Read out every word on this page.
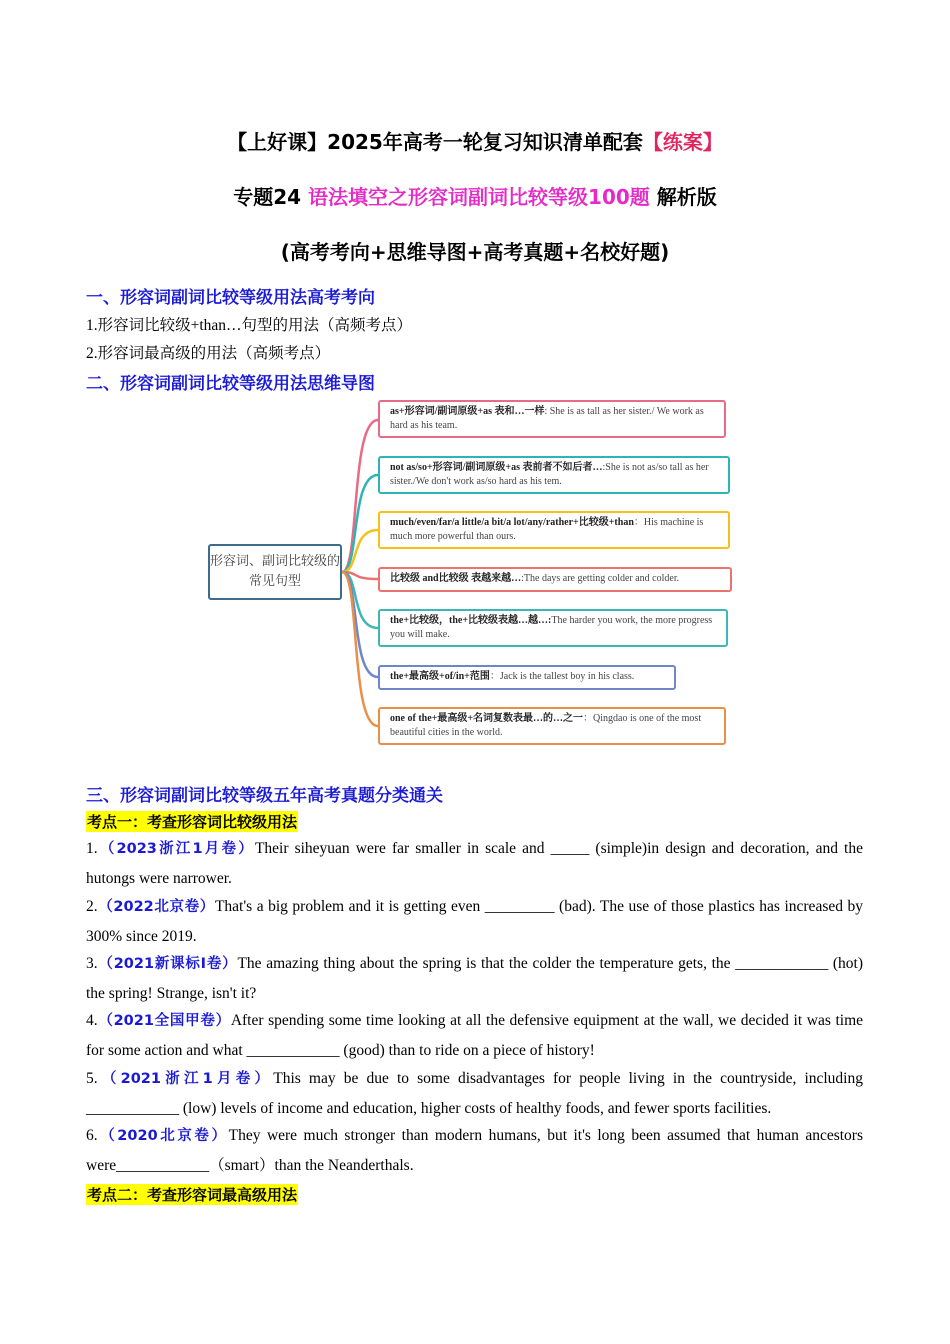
【上好课】2025年高考一轮复习知识清单配套【练案】
专题24 语法填空之形容词副词比较等级100题 解析版
(高考考向+思维导图+高考真题+名校好题)
一、形容词副词比较等级用法高考考向
1.形容词比较级+than…句型的用法（高频考点）
2.形容词最高级的用法（高频考点）
二、形容词副词比较等级用法思维导图
形容词、副词比较级的常见句型
as+形容词/副词原级+as 表和…一样: She is as tall as her sister./ We work as hard as his team.
not as/so+形容词/副词原级+as 表前者不如后者…:She is not as/so tall as her sister./We don't work as/so hard as his tem.
much/even/far/a little/a bit/a lot/any/rather+比较级+than：His machine is much more powerful than ours.
比较级 and比较级 表越来越…:The days are getting colder and colder.
the+比较级，the+比较级表越…越…:The harder you work, the more progress you will make.
the+最高级+of/in+范围：Jack is the tallest boy in his class.
one of the+最高级+名词复数表最…的…之一：Qingdao is one of the most beautiful cities in the world.
三、形容词副词比较等级五年高考真题分类通关
考点一：考查形容词比较级用法
1.（2023浙江1月卷）Their siheyuan were far smaller in scale and _____ (simple)in design and decoration, and the hutongs were narrower.
2.（2022北京卷）That's a big problem and it is getting even _________ (bad). The use of those plastics has increased by 300% since 2019.
3.（2021新课标I卷）The amazing thing about the spring is that the colder the temperature gets, the ____________ (hot) the spring! Strange, isn't it?
4.（2021全国甲卷）After spending some time looking at all the defensive equipment at the wall, we decided it was time for some action and what ____________ (good) than to ride on a piece of history!
5.（2021浙江1月卷）This may be due to some disadvantages for people living in the countryside, including ____________ (low) levels of income and education, higher costs of healthy foods, and fewer sports facilities.
6.（2020北京卷）They were much stronger than modern humans, but it's long been assumed that human ancestors were____________（smart）than the Neanderthals.
考点二：考查形容词最高级用法
